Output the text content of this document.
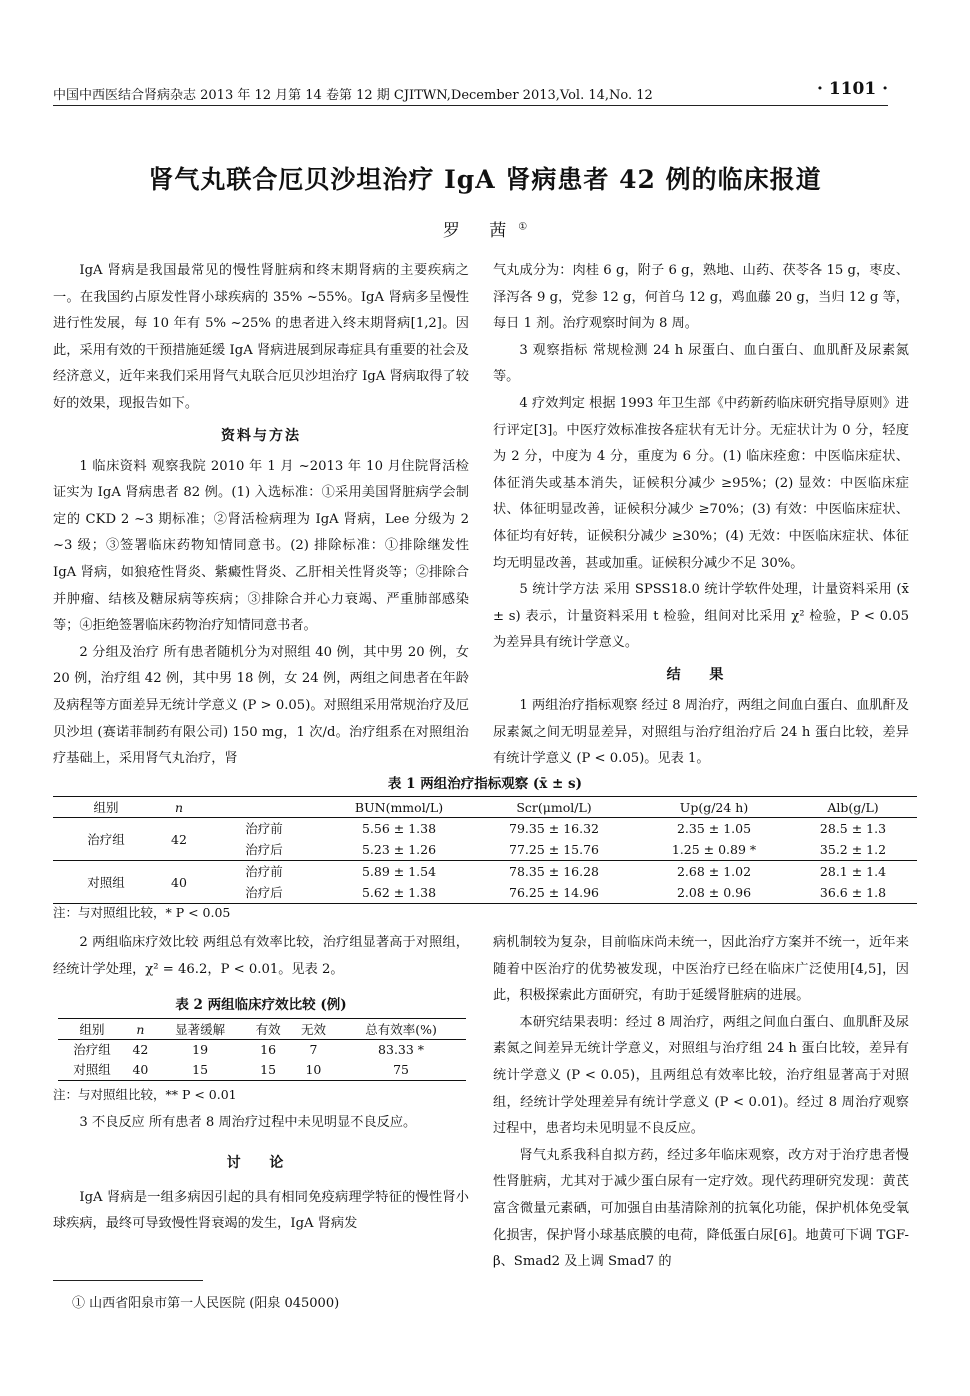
中国中西医结合肾病杂志 2013 年 12 月第 14 卷第 12 期 CJITWN,December 2013,Vol. 14,No. 12	· 1101 ·
肾气丸联合厄贝沙坦治疗 IgA 肾病患者 42 例的临床报道
罗 茜①

IgA 肾病是我国最常见的慢性肾脏病和终末期肾病的主要疾病之一。在我国约占原发性肾小球疾病的 35% ~55%。IgA 肾病多呈慢性进行性发展，每 10 年有 5% ~25% 的患者进入终末期肾病[1,2]。因此，采用有效的干预措施延缓 IgA 肾病进展到尿毒症具有重要的社会及经济意义，近年来我们采用肾气丸联合厄贝沙坦治疗 IgA 肾病取得了较好的效果，现报告如下。

资料与方法

1 临床资料 观察我院 2010 年 1 月 ~2013 年 10 月住院肾活检证实为 IgA 肾病患者 82 例。(1) 入选标准：①采用美国肾脏病学会制定的 CKD 2 ~3 期标准；②肾活检病理为 IgA 肾病，Lee 分级为 2 ~3 级；③签署临床药物知情同意书。(2) 排除标准：①排除继发性 IgA 肾病，如狼疮性肾炎、紫癜性肾炎、乙肝相关性肾炎等；②排除合并肿瘤、结核及糖尿病等疾病；③排除合并心力衰竭、严重肺部感染等；④拒绝签署临床药物治疗知情同意书者。

2 分组及治疗 所有患者随机分为对照组 40 例，其中男 20 例，女 20 例，治疗组 42 例，其中男 18 例，女 24 例，两组之间患者在年龄及病程等方面差异无统计学意义 (P > 0.05)。对照组采用常规治疗及厄贝沙坦 (赛诺菲制药有限公司) 150 mg，1 次/d。治疗组系在对照组治疗基础上，采用肾气丸治疗，肾

气丸成分为：肉桂 6 g，附子 6 g，熟地、山药、茯苓各 15 g，枣皮、泽泻各 9 g，党参 12 g，何首乌 12 g，鸡血藤 20 g，当归 12 g 等，每日 1 剂。治疗观察时间为 8 周。

3 观察指标 常规检测 24 h 尿蛋白、血白蛋白、血肌酐及尿素氮等。

4 疗效判定 根据 1993 年卫生部《中药新药临床研究指导原则》进行评定[3]。中医疗效标准按各症状有无计分。无症状计为 0 分，轻度为 2 分，中度为 4 分，重度为 6 分。(1) 临床痊愈：中医临床症状、体征消失或基本消失，证候积分减少 ≥95%；(2) 显效：中医临床症状、体征明显改善，证候积分减少 ≥70%；(3) 有效：中医临床症状、体征均有好转，证候积分减少 ≥30%；(4) 无效：中医临床症状、体征均无明显改善，甚或加重。证候积分减少不足 30%。

5 统计学方法 采用 SPSS18.0 统计学软件处理，计量资料采用 (x̄ ± s) 表示，计量资料采用 t 检验，组间对比采用 χ² 检验，P < 0.05 为差异具有统计学意义。

结 果

1 两组治疗指标观察 经过 8 周治疗，两组之间血白蛋白、血肌酐及尿素氮之间无明显差异，对照组与治疗组治疗后 24 h 蛋白比较，差异有统计学意义 (P < 0.05)。见表 1。

表 1 两组治疗指标观察 (x̄ ± s)
组别	n		BUN(mmol/L)	Scr(μmol/L)	Up(g/24 h)	Alb(g/L)
治疗组	42	治疗前	5.56 ± 1.38	79.35 ± 16.32	2.35 ± 1.05	28.5 ± 1.3
		治疗后	5.23 ± 1.26	77.25 ± 15.76	1.25 ± 0.89 *	35.2 ± 1.2
对照组	40	治疗前	5.89 ± 1.54	78.35 ± 16.28	2.68 ± 1.02	28.1 ± 1.4
		治疗后	5.62 ± 1.38	76.25 ± 14.96	2.08 ± 0.96	36.6 ± 1.8
注：与对照组比较，* P < 0.05

2 两组临床疗效比较 两组总有效率比较，治疗组显著高于对照组，经统计学处理，χ² = 46.2，P < 0.01。见表 2。

表 2 两组临床疗效比较 (例)
组别	n	显著缓解	有效	无效	总有效率(%)
治疗组	42	19	16	7	83.33 *
对照组	40	15	15	10	75
注：与对照组比较，** P < 0.01

3 不良反应 所有患者 8 周治疗过程中未见明显不良反应。

讨 论

IgA 肾病是一组多病因引起的具有相同免疫病理学特征的慢性肾小球疾病，最终可导致慢性肾衰竭的发生，IgA 肾病发

病机制较为复杂，目前临床尚未统一，因此治疗方案并不统一，近年来随着中医治疗的优势被发现，中医治疗已经在临床广泛使用[4,5]，因此，积极探索此方面研究，有助于延缓肾脏病的进展。

本研究结果表明：经过 8 周治疗，两组之间血白蛋白、血肌酐及尿素氮之间差异无统计学意义，对照组与治疗组 24 h 蛋白比较，差异有统计学意义 (P < 0.05)，且两组总有效率比较，治疗组显著高于对照组，经统计学处理差异有统计学意义 (P < 0.01)。经过 8 周治疗观察过程中，患者均未见明显不良反应。

肾气丸系我科自拟方药，经过多年临床观察，改方对于治疗患者慢性肾脏病，尤其对于减少蛋白尿有一定疗效。现代药理研究发现：黄芪富含微量元素硒，可加强自由基清除剂的抗氧化功能，保护机体免受氧化损害，保护肾小球基底膜的电荷，降低蛋白尿[6]。地黄可下调 TGF-β、Smad2 及上调 Smad7 的

① 山西省阳泉市第一人民医院 (阳泉 045000)
